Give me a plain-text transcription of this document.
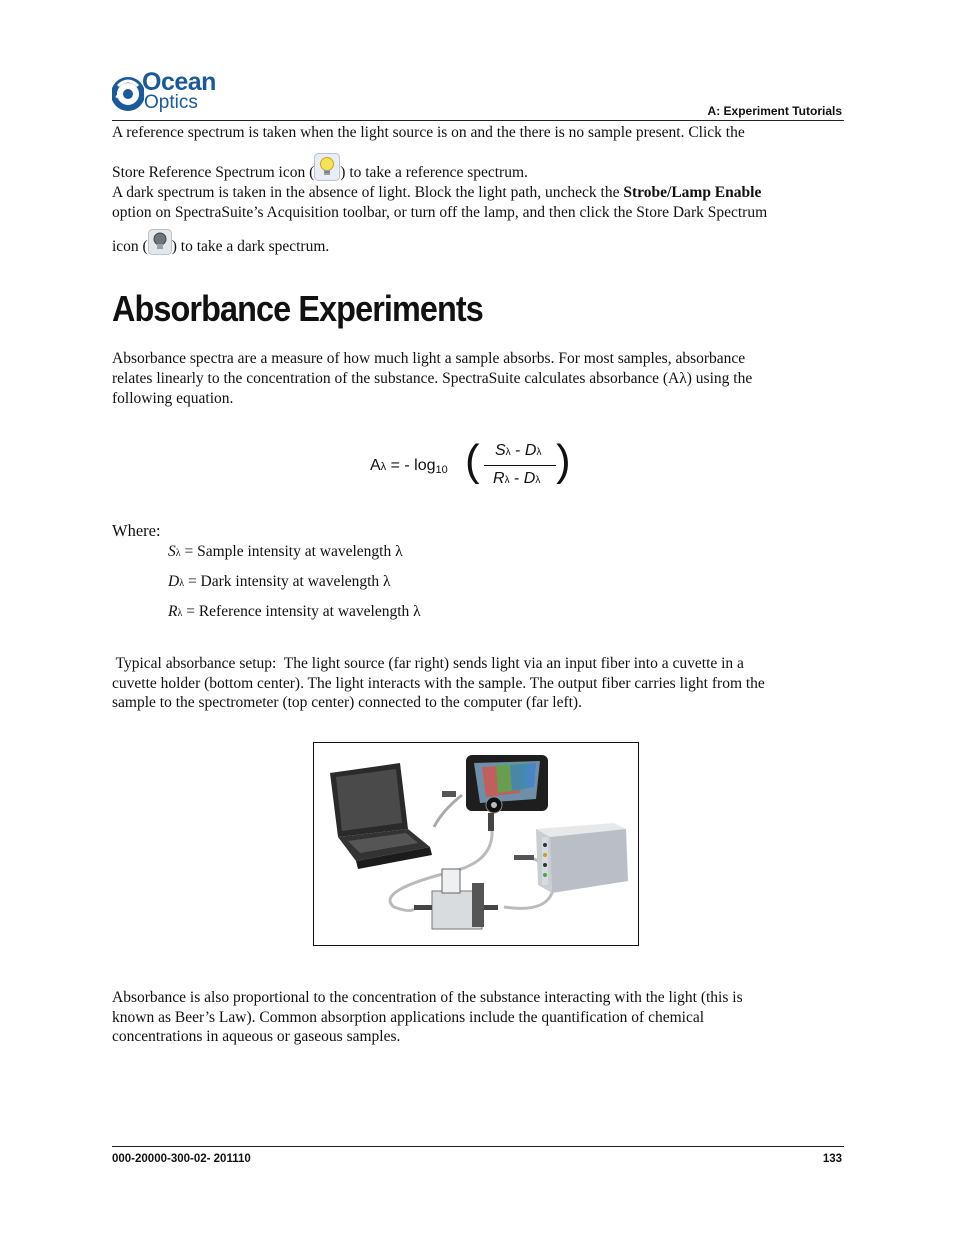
Ocean
Optics	A: Experiment Tutorials

A reference spectrum is taken when the light source is on and the there is no sample present. Click the

Store Reference Spectrum icon ( ) to take a reference spectrum.

A dark spectrum is taken in the absence of light. Block the light path, uncheck the Strobe/Lamp Enable

option on SpectraSuite’s Acquisition toolbar, or turn off the lamp, and then click the Store Dark Spectrum

icon ( ) to take a dark spectrum.

Absorbance Experiments

Absorbance spectra are a measure of how much light a sample absorbs. For most samples, absorbance

relates linearly to the concentration of the substance. SpectraSuite calculates absorbance (Aλ) using the

following equation.

Aλ = - log10 ( Sλ - Dλ
Rλ - Dλ )

Where:

Sλ = Sample intensity at wavelength λ

Dλ = Dark intensity at wavelength λ

Rλ = Reference intensity at wavelength λ

Typical absorbance setup:  The light source (far right) sends light via an input fiber into a cuvette in a

cuvette holder (bottom center). The light interacts with the sample. The output fiber carries light from the

sample to the spectrometer (top center) connected to the computer (far left).

Absorbance is also proportional to the concentration of the substance interacting with the light (this is

known as Beer’s Law). Common absorption applications include the quantification of chemical

concentrations in aqueous or gaseous samples.

000-20000-300-02- 201110	133
